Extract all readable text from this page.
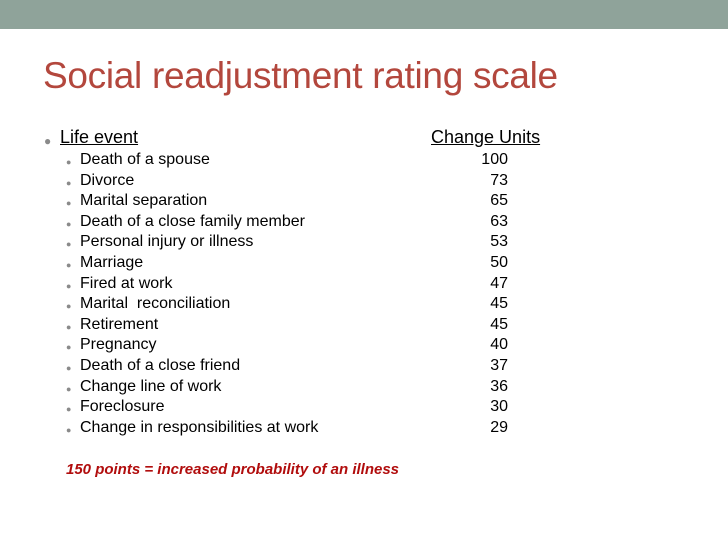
Social readjustment rating scale
● Life event	Change Units
● Death of a spouse	100
● Divorce	73
● Marital separation	65
● Death of a close family member	63
● Personal injury or illness	53
● Marriage	50
● Fired at work	47
● Marital  reconciliation	45
● Retirement	45
● Pregnancy	40
● Death of a close friend	37
● Change line of work	36
● Foreclosure	30
● Change in responsibilities at work	29
150 points = increased probability of an illness
